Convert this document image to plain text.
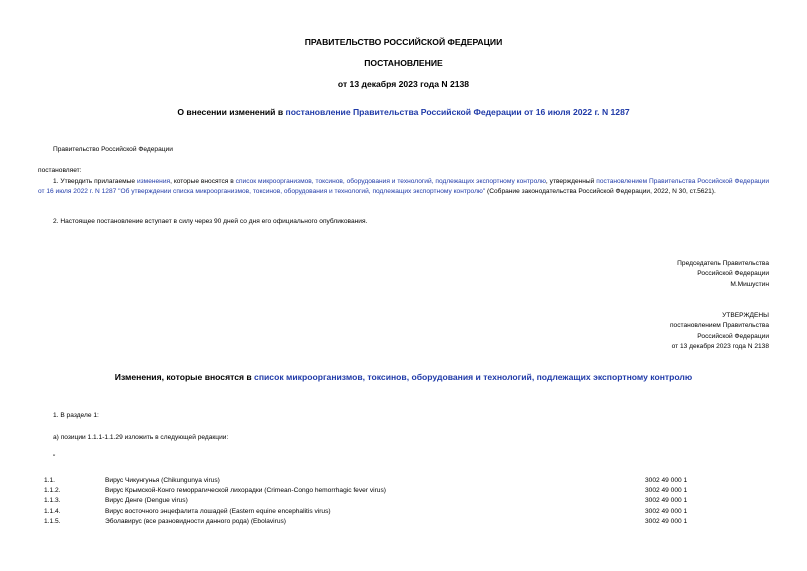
ПРАВИТЕЛЬСТВО РОССИЙСКОЙ ФЕДЕРАЦИИ
ПОСТАНОВЛЕНИЕ
от 13 декабря 2023 года N 2138
О внесении изменений в постановление Правительства Российской Федерации от 16 июля 2022 г. N 1287
Правительство Российской Федерации
постановляет:
1. Утвердить прилагаемые изменения, которые вносятся в список микроорганизмов, токсинов, оборудования и технологий, подлежащих экспортному контролю, утвержденный постановлением Правительства Российской Федерации от 16 июля 2022 г. N 1287 "Об утверждении списка микроорганизмов, токсинов, оборудования и технологий, подлежащих экспортному контролю" (Собрание законодательства Российской Федерации, 2022, N 30, ст.5621).
2. Настоящее постановление вступает в силу через 90 дней со дня его официального опубликования.
Председатель Правительства
Российской Федерации
М.Мишустин
УТВЕРЖДЕНЫ
постановлением Правительства
Российской Федерации
от 13 декабря 2023 года N 2138
Изменения, которые вносятся в список микроорганизмов, токсинов, оборудования и технологий, подлежащих экспортному контролю
1. В разделе 1:
а) позиции 1.1.1-1.1.29 изложить в следующей редакции:
"
1.1.	Вирус Чикунгунья (Chikungunya virus)	3002 49 000 1
1.1.2.	Вирус Крымской-Конго геморрагической лихорадки (Crimean-Congo hemorrhagic fever virus)	3002 49 000 1
1.1.3.	Вирус Денге (Dengue virus)	3002 49 000 1
1.1.4.	Вирус восточного энцефалита лошадей (Eastern equine encephalitis virus)	3002 49 000 1
1.1.5.	Эболавирус (все разновидности данного рода) (Ebolavirus)	3002 49 000 1
